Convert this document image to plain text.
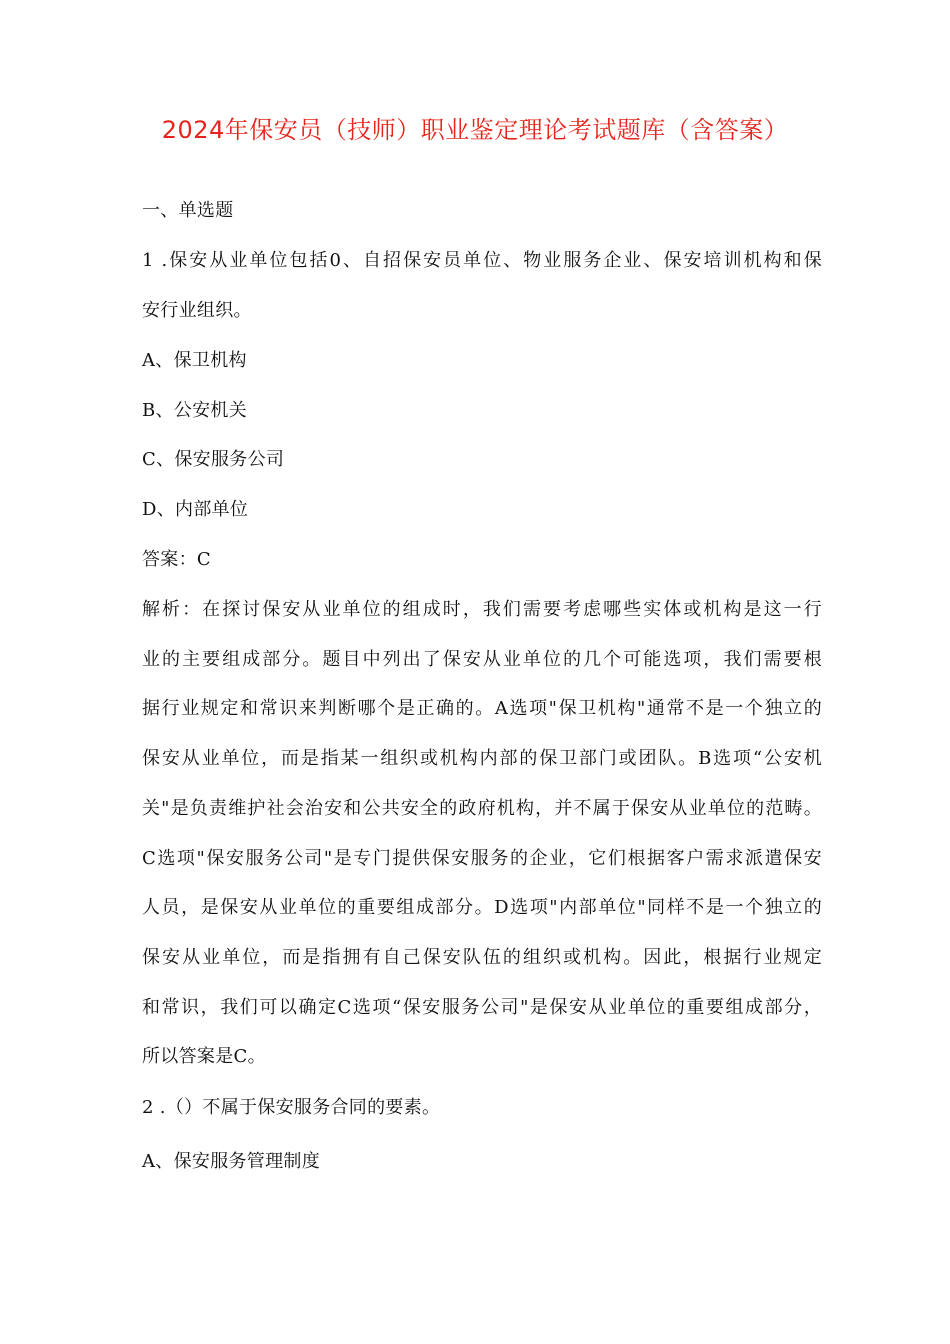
2024年保安员（技师）职业鉴定理论考试题库（含答案）
一、单选题
1 .保安从业单位包括0、自招保安员单位、物业服务企业、保安培训机构和保
安行业组织。
A、保卫机构
B、公安机关
C、保安服务公司
D、内部单位
答案：C
解析：在探讨保安从业单位的组成时，我们需要考虑哪些实体或机构是这一行
业的主要组成部分。题目中列出了保安从业单位的几个可能选项，我们需要根
据行业规定和常识来判断哪个是正确的。A选项"保卫机构"通常不是一个独立的
保安从业单位，而是指某一组织或机构内部的保卫部门或团队。B选项“公安机
关"是负责维护社会治安和公共安全的政府机构，并不属于保安从业单位的范畴。
C选项"保安服务公司"是专门提供保安服务的企业，它们根据客户需求派遣保安
人员，是保安从业单位的重要组成部分。D选项"内部单位"同样不是一个独立的
保安从业单位，而是指拥有自己保安队伍的组织或机构。因此，根据行业规定
和常识，我们可以确定C选项“保安服务公司"是保安从业单位的重要组成部分，
所以答案是C。
2 .（）不属于保安服务合同的要素。
A、保安服务管理制度
